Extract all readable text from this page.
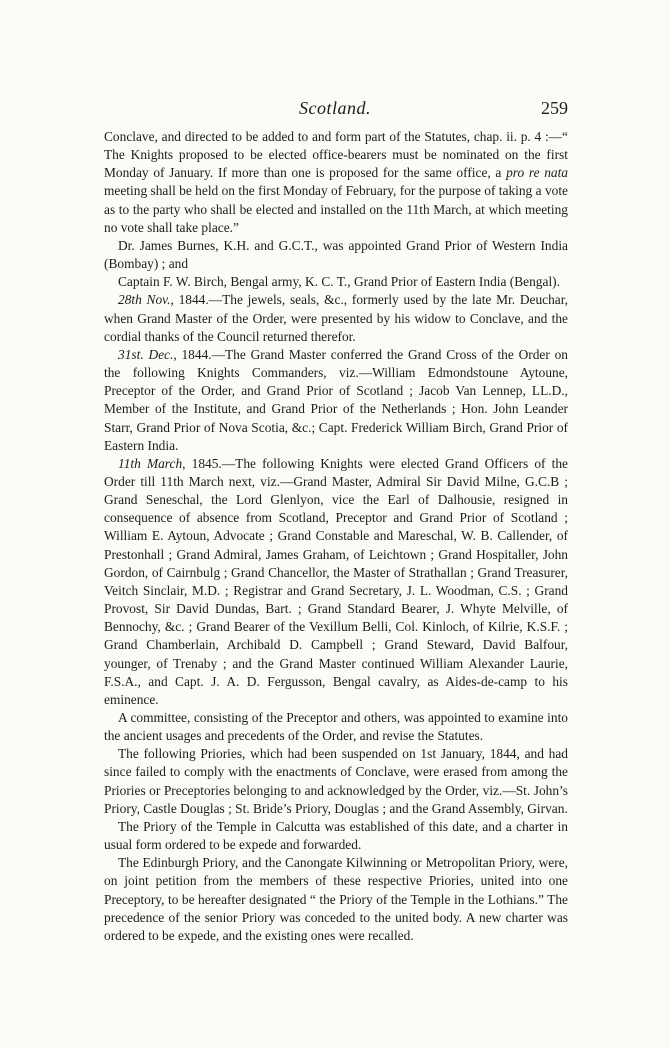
Scotland.	259

Conclave, and directed to be added to and form part of the Statutes, chap. ii. p. 4 :—“ The Knights proposed to be elected office-bearers must be nominated on the first Monday of January. If more than one is proposed for the same office, a pro re nata meeting shall be held on the first Monday of February, for the purpose of taking a vote as to the party who shall be elected and installed on the 11th March, at which meeting no vote shall take place.”

Dr. James Burnes, K.H. and G.C.T., was appointed Grand Prior of Western India (Bombay) ; and

Captain F. W. Birch, Bengal army, K. C. T., Grand Prior of Eastern India (Bengal).

28th Nov., 1844.—The jewels, seals, &c., formerly used by the late Mr. Deuchar, when Grand Master of the Order, were presented by his widow to Conclave, and the cordial thanks of the Council returned therefor.

31st. Dec., 1844.—The Grand Master conferred the Grand Cross of the Order on the following Knights Commanders, viz.—William Edmondstoune Aytoune, Preceptor of the Order, and Grand Prior of Scotland ; Jacob Van Lennep, LL.D., Member of the Institute, and Grand Prior of the Netherlands ; Hon. John Leander Starr, Grand Prior of Nova Scotia, &c.; Capt. Frederick William Birch, Grand Prior of Eastern India.

11th March, 1845.—The following Knights were elected Grand Officers of the Order till 11th March next, viz.—Grand Master, Admiral Sir David Milne, G.C.B ; Grand Seneschal, the Lord Glenlyon, vice the Earl of Dalhousie, resigned in consequence of absence from Scotland, Preceptor and Grand Prior of Scotland ; William E. Aytoun, Advocate ; Grand Constable and Mareschal, W. B. Callender, of Prestonhall ; Grand Admiral, James Graham, of Leichtown ; Grand Hospitaller, John Gordon, of Cairnbulg ; Grand Chancellor, the Master of Strathallan ; Grand Treasurer, Veitch Sinclair, M.D. ; Registrar and Grand Secretary, J. L. Woodman, C.S. ; Grand Provost, Sir David Dundas, Bart. ; Grand Standard Bearer, J. Whyte Melville, of Bennochy, &c. ; Grand Bearer of the Vexillum Belli, Col. Kinloch, of Kilrie, K.S.F. ; Grand Chamberlain, Archibald D. Campbell ; Grand Steward, David Balfour, younger, of Trenaby ; and the Grand Master continued William Alexander Laurie, F.S.A., and Capt. J. A. D. Fergusson, Bengal cavalry, as Aides-de-camp to his eminence.

A committee, consisting of the Preceptor and others, was appointed to examine into the ancient usages and precedents of the Order, and revise the Statutes.

The following Priories, which had been suspended on 1st January, 1844, and had since failed to comply with the enactments of Conclave, were erased from among the Priories or Preceptories belonging to and acknowledged by the Order, viz.—St. John’s Priory, Castle Douglas ; St. Bride’s Priory, Douglas ; and the Grand Assembly, Girvan.

The Priory of the Temple in Calcutta was established of this date, and a charter in usual form ordered to be expede and forwarded.

The Edinburgh Priory, and the Canongate Kilwinning or Metropolitan Priory, were, on joint petition from the members of these respective Priories, united into one Preceptory, to be hereafter designated “ the Priory of the Temple in the Lothians.” The precedence of the senior Priory was conceded to the united body. A new charter was ordered to be expede, and the existing ones were recalled.
